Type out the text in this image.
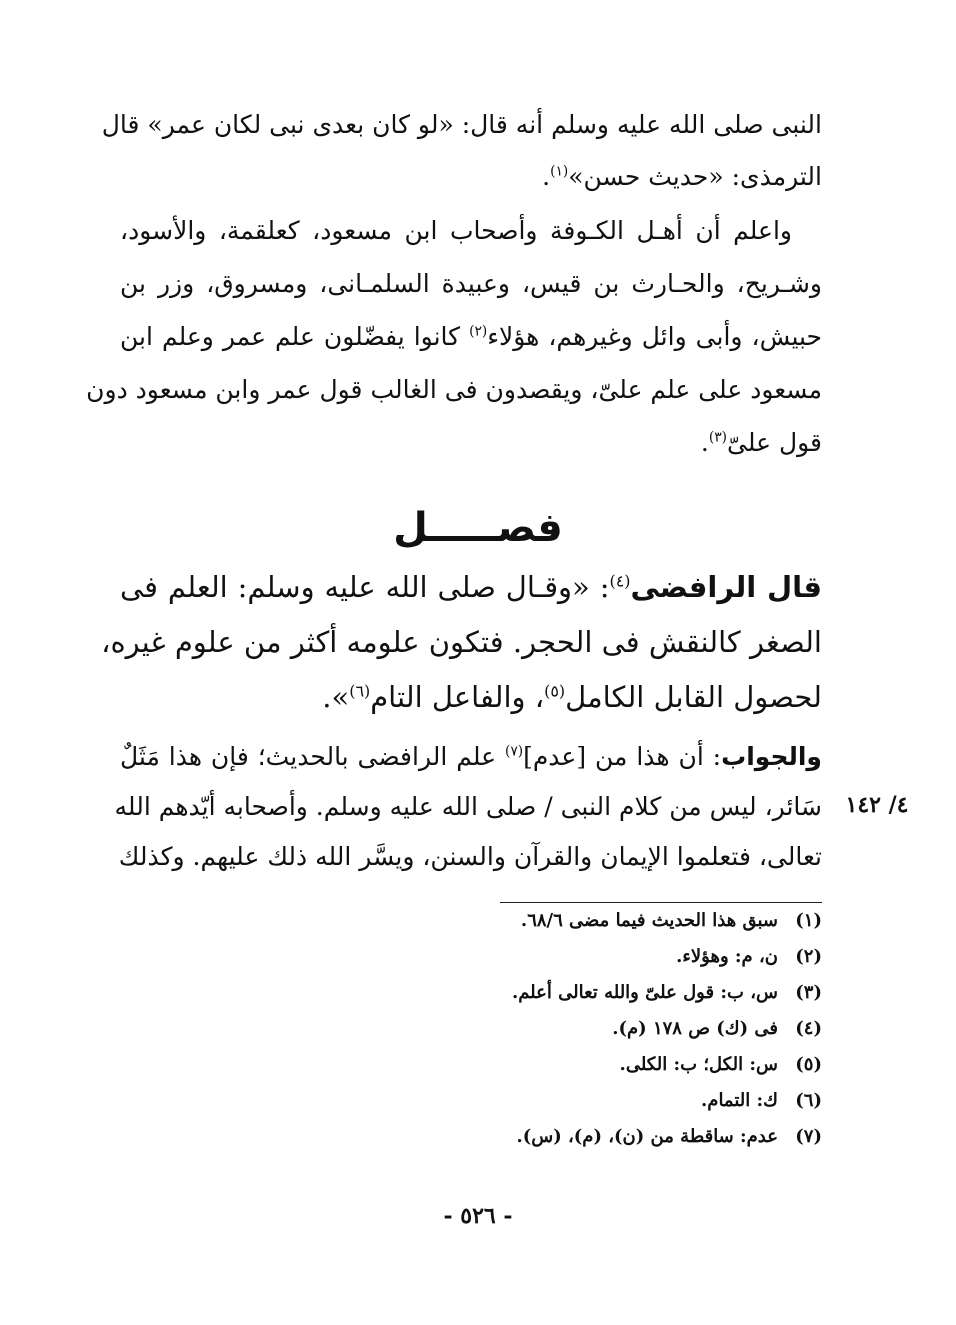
النبى صلى الله عليه وسلم أنه قال: «لو كان بعدى نبى لكان عمر» قال
الترمذى: «حديث حسن»$^{(١)}$.
واعلم أن أهـل الكـوفة وأصحاب ابن مسعود، كعلقمة، والأسود،
وشـريح، والحـارث بن قيس، وعبيدة السلمـانى، ومسروق، وزر بن
حبيش، وأبى وائل وغيرهم، هؤلاء$^{(٢)}$ كانوا يفضّلون علم عمر وعلم ابن
مسعود على علم علىّ، ويقصدون فى الغالب قول عمر وابن مسعود دون
قول علىّ$^{(٣)}$.
فصـــــل
قال الرافضى$^{(٤)}$: «وقـال صلى الله عليه وسلم: العلم فى
الصغر كالنقش فى الحجر. فتكون علومه أكثر من علوم غيره،
لحصول القابل الكامل$^{(٥)}$، والفاعل التام$^{(٦)}$».
والجواب: أن هذا من [عدم]$^{(٧)}$ علم الرافضى بالحديث؛ فإن هذا مَثَلٌ
سَائر، ليس من كلام النبى / صلى الله عليه وسلم. وأصحابه أيّدهم الله
تعالى، فتعلموا الإيمان والقرآن والسنن، ويسَّر الله ذلك عليهم. وكذلك
٤/ ١٤٢
(١)سبق هذا الحديث فيما مضى ٦٨/٦.
(٢)ن، م: وهؤلاء.
(٣)س، ب: قول علىّ والله تعالى أعلم.
(٤)فى (ك) ص ١٧٨ (م).
(٥)س: الكل؛ ب: الكلى.
(٦)ك: التمام.
(٧)عدم: ساقطة من (ن)، (م)، (س).
- ٥٢٦ -
